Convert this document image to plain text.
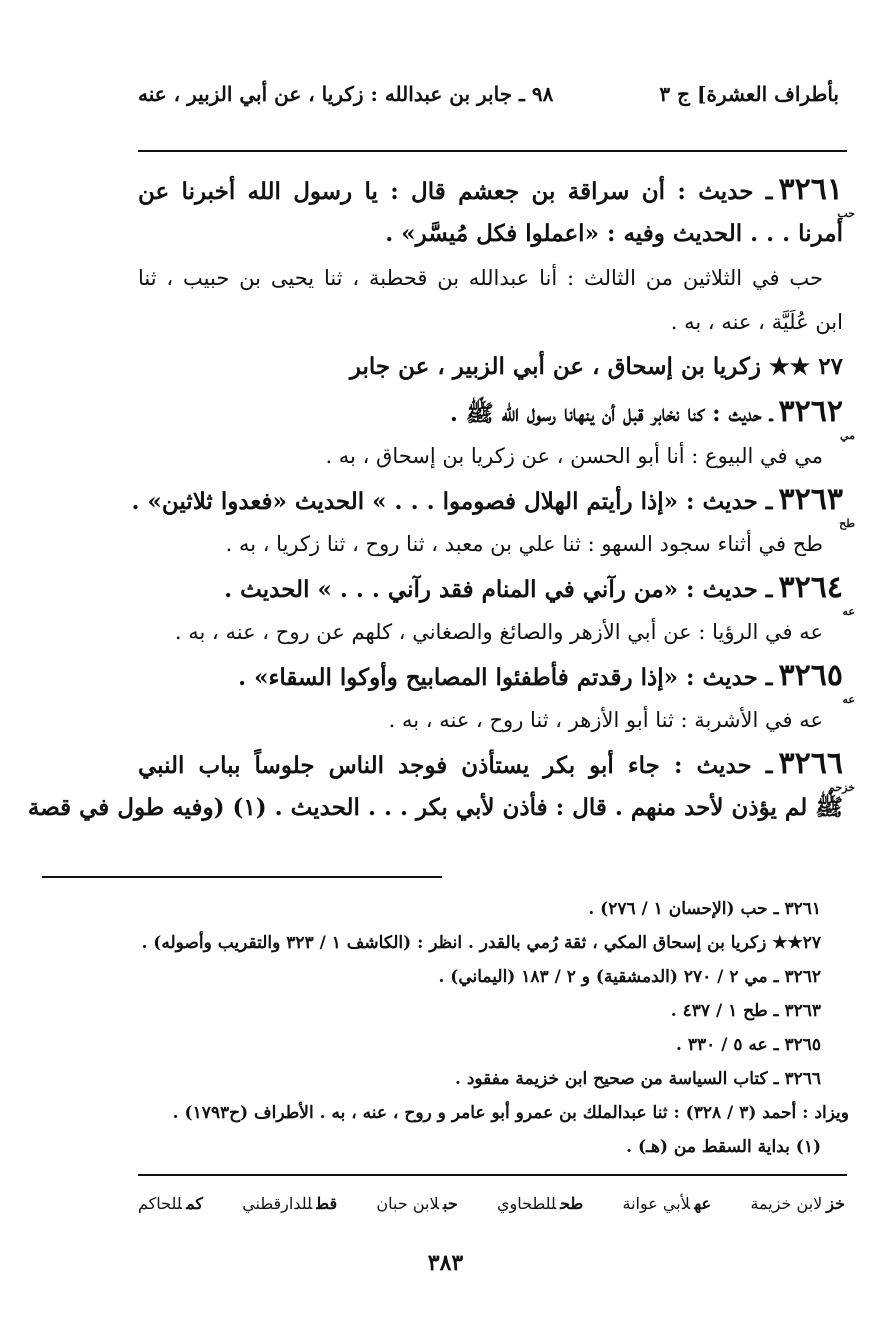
بأطراف العشرة] ج ٣
٩٨ ـ جابر بن عبدالله : زكريا ، عن أبي الزبير ، عنه
٣٢٦١ـ حديث : أن سراقة بن جعشم قال : يا رسول الله أخبرنا عن
حب
أمرنا . . . الحديث وفيه : «اعملوا فكل مُيسَّر» .
حب في الثلاثين من الثالث : أنا عبدالله بن قحطبة ، ثنا يحيى بن حبيب ، ثنا
ابن عُلَيَّة ، عنه ، به .
٢٧ ★★ زكريا بن إسحاق ، عن أبي الزبير ، عن جابر
٣٢٦٢ـ حديث : كنا نخابر قبل أن ينهانا رسول الله ﷺ .
مي
مي في البيوع : أنا أبو الحسن ، عن زكريا بن إسحاق ، به .
٣٢٦٣ـ حديث : «إذا رأيتم الهلال فصوموا . . . » الحديث «فعدوا ثلاثين» .
طح
طح في أثناء سجود السهو : ثنا علي بن معبد ، ثنا روح ، ثنا زكريا ، به .
٣٢٦٤ـ حديث : «من رآني في المنام فقد رآني . . . » الحديث .
عه
عه في الرؤيا : عن أبي الأزهر والصائغ والصغاني ، كلهم عن روح ، عنه ، به .
٣٢٦٥ـ حديث : «إذا رقدتم فأطفئوا المصابيح وأوكوا السقاء» .
عه
عه في الأشربة : ثنا أبو الأزهر ، ثنا روح ، عنه ، به .
٣٢٦٦ـ حديث : جاء أبو بكر يستأذن فوجد الناس جلوساً بباب النبي
خزحم
ﷺ لم يؤذن لأحد منهم . قال : فأذن لأبي بكر . . . الحديث . (١) (وفيه طول في قصة
٣٢٦١ ـ حب (الإحسان ١ / ٢٧٦) .
٢٧★★ زكريا بن إسحاق المكي ، ثقة رُمي بالقدر . انظر : (الكاشف ١ / ٣٢٣ والتقريب وأصوله) .
٣٢٦٢ ـ مي ٢ / ٢٧٠ (الدمشقية) و ٢ / ١٨٣ (اليماني) .
٣٢٦٣ ـ طح ١ / ٤٣٧ .
٣٢٦٥ ـ عه ٥ / ٣٣٠ .
٣٢٦٦ ـ كتاب السياسة من صحيح ابن خزيمة مفقود .
ويزاد : أحمد (٣ / ٣٢٨) : ثنا عبدالملك بن عمرو أبو عامر و روح ، عنه ، به . الأطراف (ح١٧٩٣) .
(١) بداية السقط من (هـ) .
خزلابن خزيمة
عهلأبي عوانة
طحللطحاوي
حبلابن حبان
قطللدارقطني
كمللحاكم
٣٨٣
